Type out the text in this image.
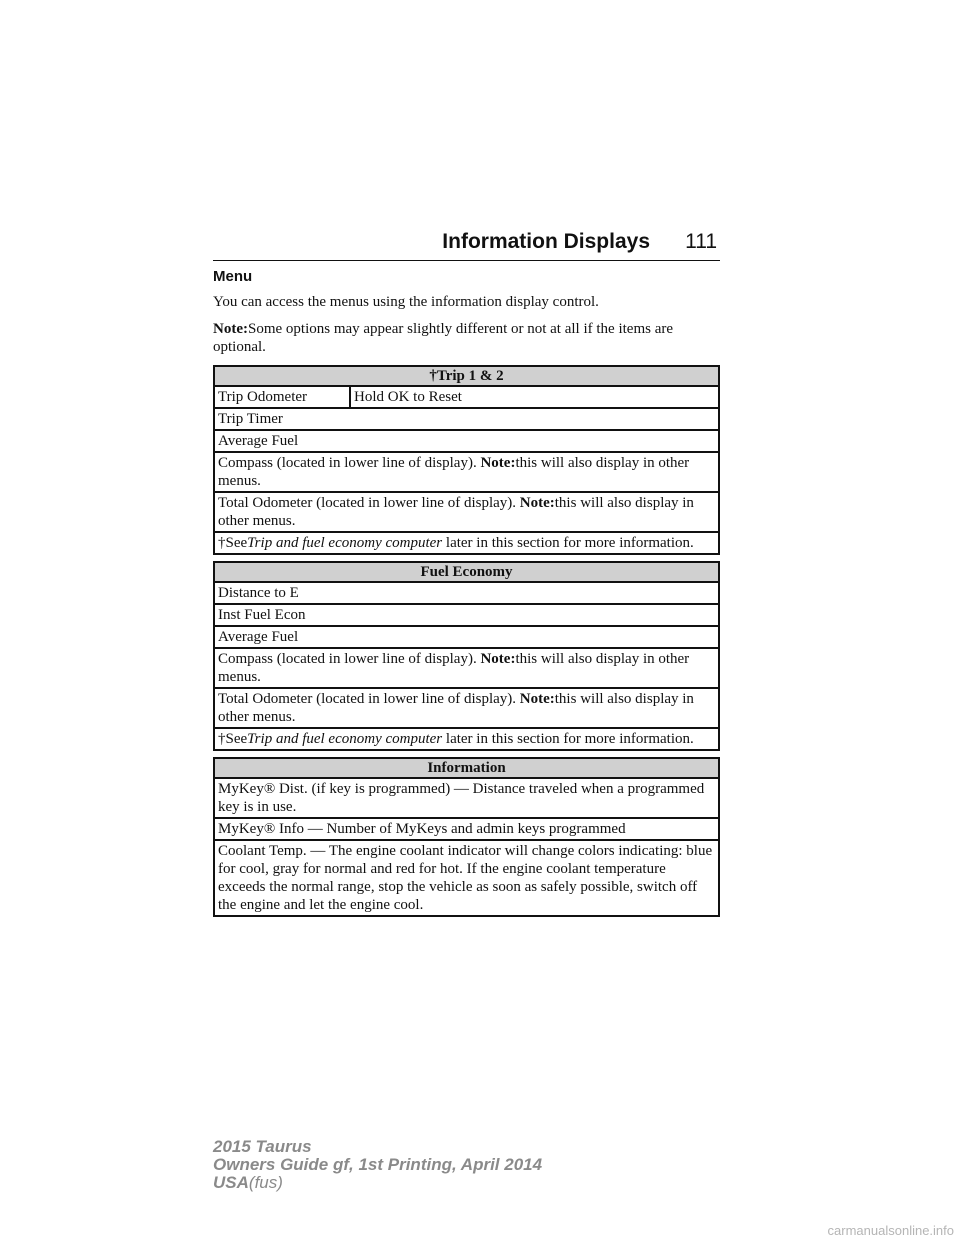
Information Displays 111
Menu

You can access the menus using the information display control.

Note:Some options may appear slightly different or not at all if the items are optional.

†Trip 1 & 2
Trip Odometer	Hold OK to Reset
Trip Timer
Average Fuel
Compass (located in lower line of display). Note:this will also display in other menus.
Total Odometer (located in lower line of display). Note:this will also display in other menus.
†SeeTrip and fuel economy computer later in this section for more information.
Fuel Economy
Distance to E
Inst Fuel Econ
Average Fuel
Compass (located in lower line of display). Note:this will also display in other menus.
Total Odometer (located in lower line of display). Note:this will also display in other menus.
†SeeTrip and fuel economy computer later in this section for more information.
Information
MyKey® Dist. (if key is programmed) — Distance traveled when a programmed key is in use.
MyKey® Info — Number of MyKeys and admin keys programmed
Coolant Temp. — The engine coolant indicator will change colors indicating: blue for cool, gray for normal and red for hot. If the engine coolant temperature exceeds the normal range, stop the vehicle as soon as safely possible, switch off the engine and let the engine cool.
2015 Taurus
Owners Guide gf, 1st Printing, April 2014
USA(fus)
carmanualsonline.info
